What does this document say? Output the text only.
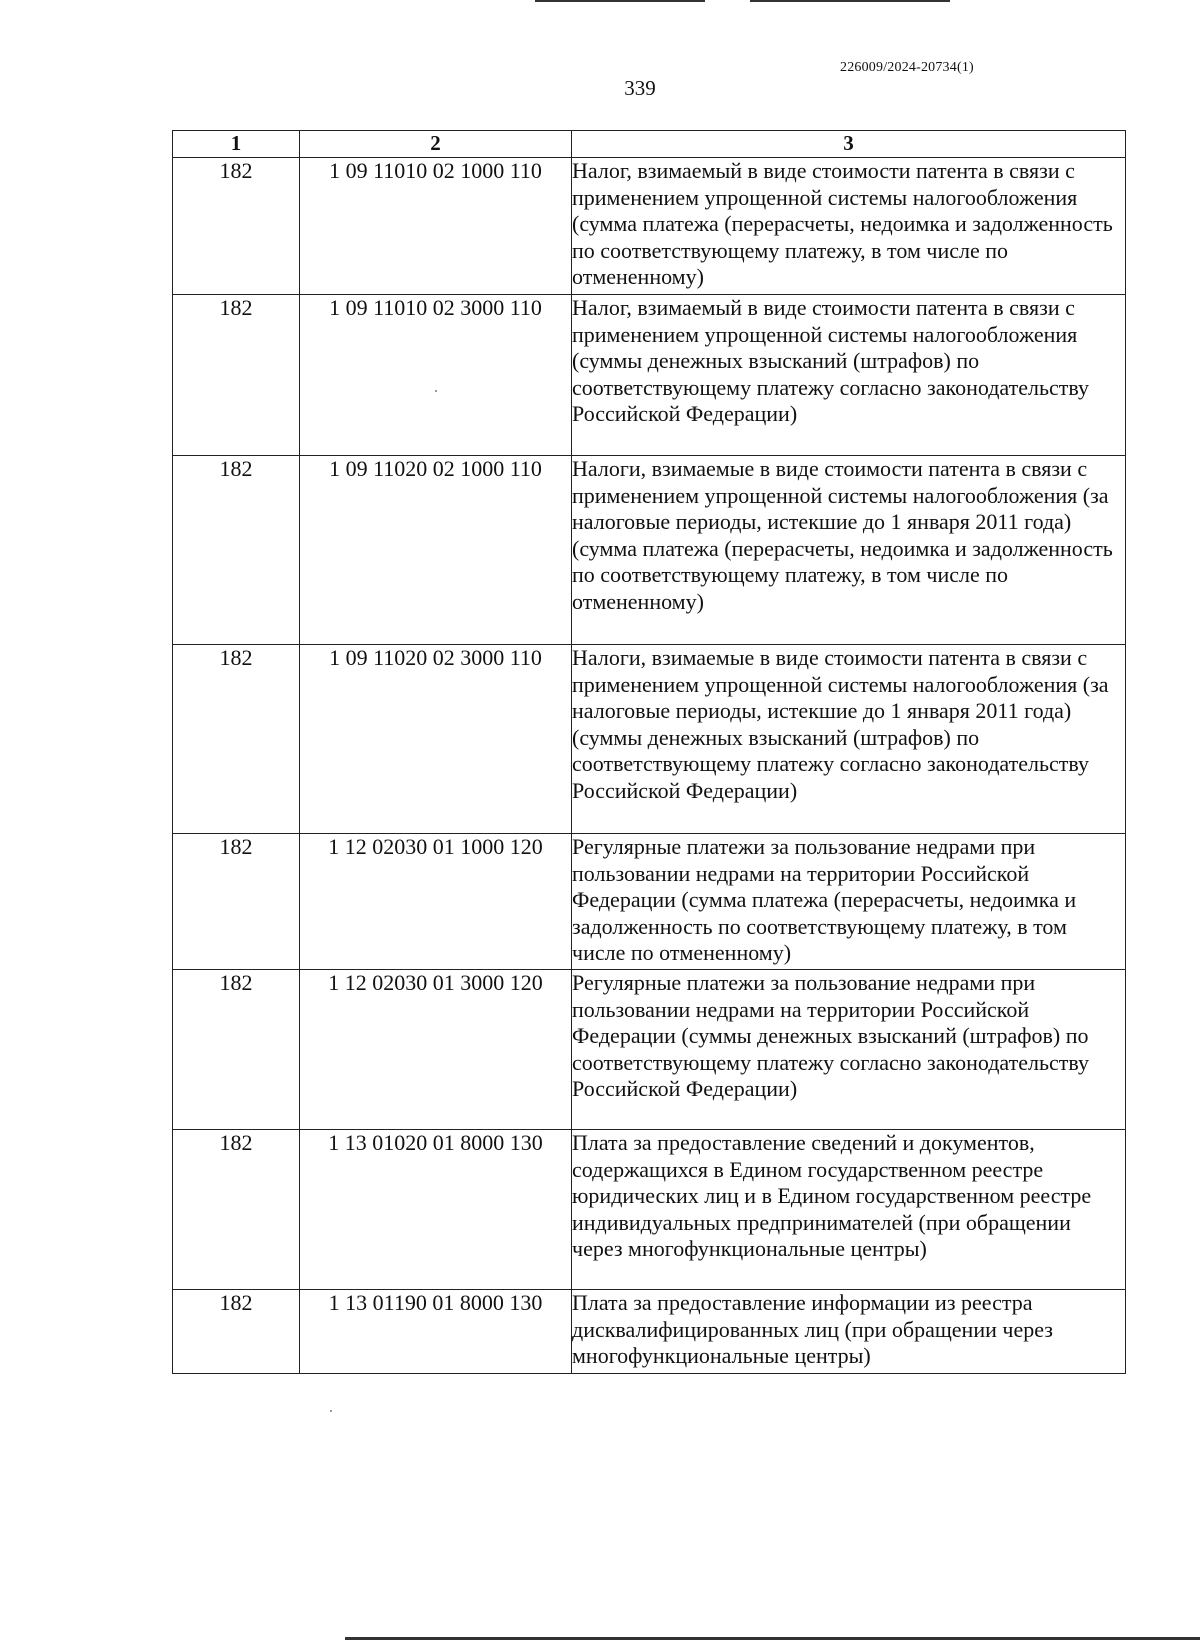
226009/2024-20734(1)
339
1	2	3
182	1 09 11010 02 1000 110	Налог, взимаемый в виде стоимости патента в связи с применением упрощенной системы налогообложения (сумма платежа (перерасчеты, недоимка и задолженность по соответствующему платежу, в том числе по отмененному)
182	1 09 11010 02 3000 110	Налог, взимаемый в виде стоимости патента в связи с применением упрощенной системы налогообложения (суммы денежных взысканий (штрафов) по соответствующему платежу согласно законодательству Российской Федерации)
182	1 09 11020 02 1000 110	Налоги, взимаемые в виде стоимости патента в связи с применением упрощенной системы налогообложения (за налоговые периоды, истекшие до 1 января 2011 года) (сумма платежа (перерасчеты, недоимка и задолженность по соответствующему платежу, в том числе по отмененному)
182	1 09 11020 02 3000 110	Налоги, взимаемые в виде стоимости патента в связи с применением упрощенной системы налогообложения (за налоговые периоды, истекшие до 1 января 2011 года) (суммы денежных взысканий (штрафов) по соответствующему платежу согласно законодательству Российской Федерации)
182	1 12 02030 01 1000 120	Регулярные платежи за пользование недрами при пользовании недрами на территории Российской Федерации (сумма платежа (перерасчеты, недоимка и задолженность по соответствующему платежу, в том числе по отмененному)
182	1 12 02030 01 3000 120	Регулярные платежи за пользование недрами при пользовании недрами на территории Российской Федерации (суммы денежных взысканий (штрафов) по соответствующему платежу согласно законодательству Российской Федерации)
182	1 13 01020 01 8000 130	Плата за предоставление сведений и документов, содержащихся в Едином государственном реестре юридических лиц и в Едином государственном реестре индивидуальных предпринимателей (при обращении через многофункциональные центры)
182	1 13 01190 01 8000 130	Плата за предоставление информации из реестра дисквалифицированных лиц (при обращении через многофункциональные центры)
